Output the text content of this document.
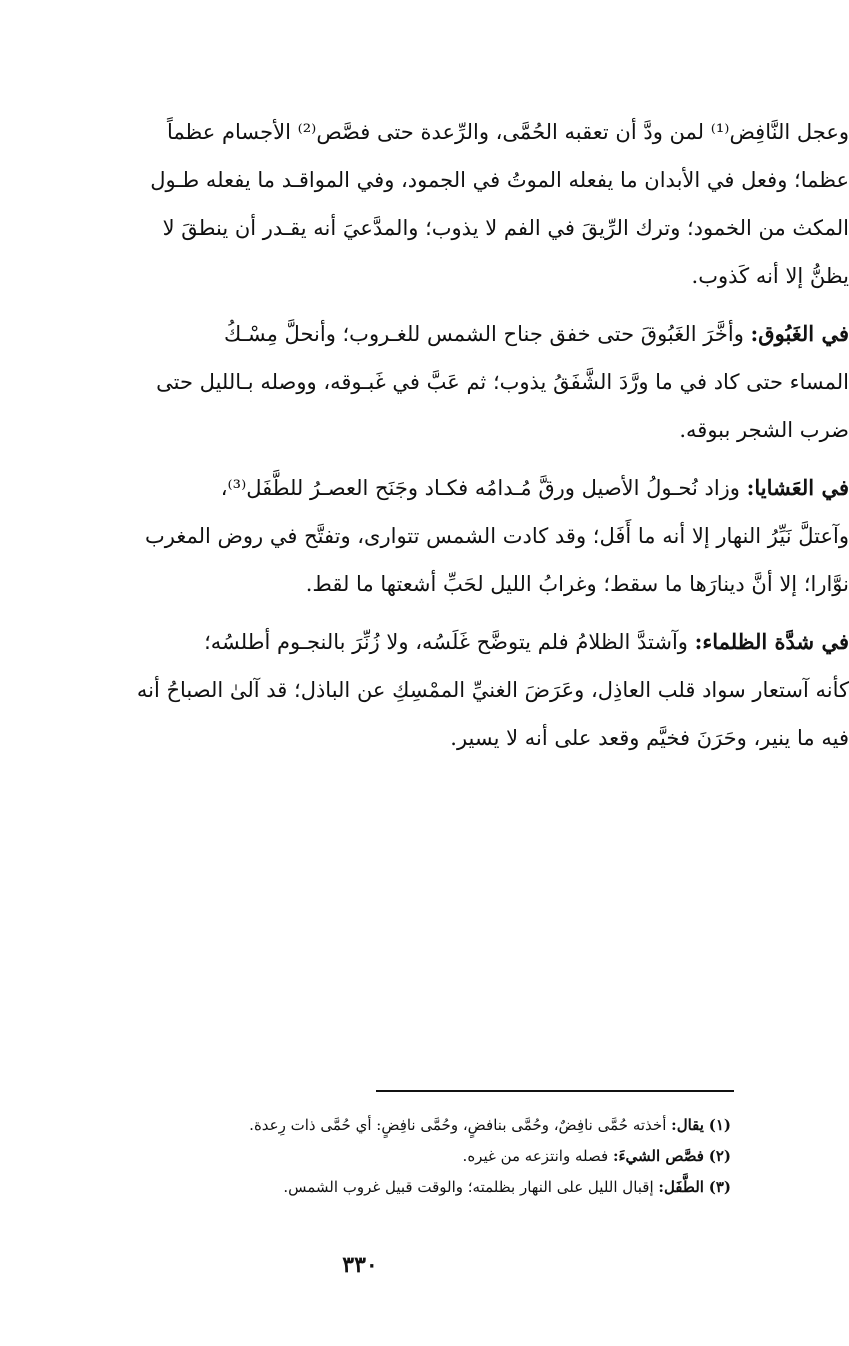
وعجل النَّافِض⁽¹⁾ لمن ودَّ أن تعقبه الحُمَّى، والرِّعدة حتى فصَّص⁽²⁾ الأجسام عظماً
عظما؛ وفعل في الأبدان ما يفعله الموتُ في الجمود، وفي المواقـد ما يفعله طـول
المكث من الخمود؛ وترك الرِّيقَ في الفم لا يذوب؛ والمدَّعيَ أنه يقـدر أن ينطقَ لا
يظنُّ إلا أنه كَذوب.

في الغَبُوق: وأخَّرَ الغَبُوقَ حتى خفق جناح الشمس للغـروب؛ وأنحلَّ مِسْـكُ
المساء حتى كاد في ما ورَّدَ الشَّفَقُ يذوب؛ ثم عَبَّ في غَبـوقه، ووصله بـالليل حتى
ضرب الشجر ببوقه.

في العَشايا: وزاد نُحـولُ الأصيل ورقَّ مُـدامُه فكـاد وجَنَح العصـرُ للطَّفَل⁽³⁾،
وآعتلَّ نَيِّرُ النهار إلا أنه ما أَفَل؛ وقد كادت الشمس تتوارى، وتفتَّح في روض المغرب
نوَّارا؛ إلا أنَّ دينارَها ما سقط؛ وغرابُ الليل لحَبِّ أشعتها ما لقط.

في شدَّة الظلماء: وآشتدَّ الظلامُ فلم يتوضَّح غَلَسُه، ولا زُنِّرَ بالنجـوم أطلسُه؛
كأنه آستعار سواد قلب العاذِل، وعَرَضَ الغنيِّ الممْسِكِ عن الباذل؛ قد آلىٰ الصباحُ أنه
فيه ما ينير، وحَرَنَ فخيَّم وقعد على أنه لا يسير.

(١) يقال: أخذته حُمَّى نافِضٌ، وحُمَّى بنافضٍ، وحُمَّى نافِضٍ: أي حُمَّى ذات رِعدة.
(٢) فصَّص الشيءَ: فصله وانتزعه من غيره.
(٣) الطَّفَل: إقبال الليل على النهار بظلمته؛ والوقت قبيل غروب الشمس.
٣٣٠
